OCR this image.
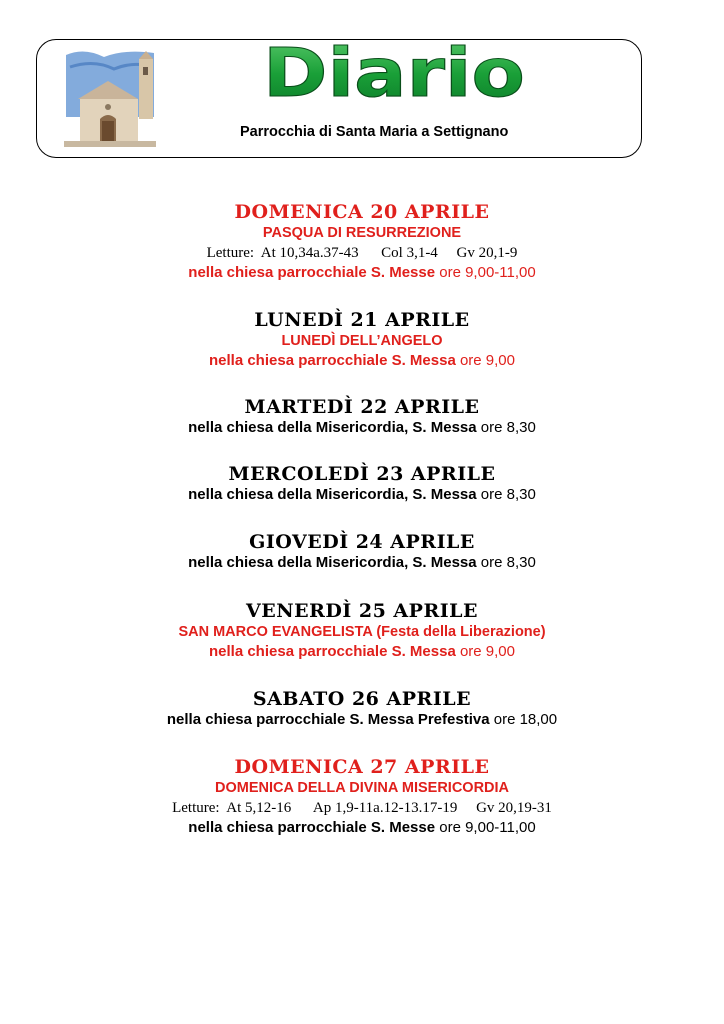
Diario
Parrocchia di Santa Maria a Settignano
DOMENICA 20 APRILE
PASQUA DI RESURREZIONE
Letture:  At 10,34a.37-43      Col 3,1-4     Gv 20,1-9
nella chiesa parrocchiale S. Messe ore 9,00-11,00
LUNEDÌ 21 APRILE
LUNEDÌ DELL’ANGELO
nella chiesa parrocchiale S. Messa ore 9,00
MARTEDÌ 22 APRILE
nella chiesa della Misericordia, S. Messa ore 8,30
MERCOLEDÌ 23 APRILE
nella chiesa della Misericordia, S. Messa ore 8,30
GIOVEDÌ 24 APRILE
nella chiesa della Misericordia, S. Messa ore 8,30
VENERDÌ 25 APRILE
SAN MARCO EVANGELISTA (Festa della Liberazione)
nella chiesa parrocchiale S. Messa ore 9,00
SABATO 26 APRILE
nella chiesa parrocchiale S. Messa Prefestiva ore 18,00
DOMENICA 27 APRILE
DOMENICA DELLA DIVINA MISERICORDIA
Letture:  At 5,12-16      Ap 1,9-11a.12-13.17-19     Gv 20,19-31
nella chiesa parrocchiale S. Messe ore 9,00-11,00
